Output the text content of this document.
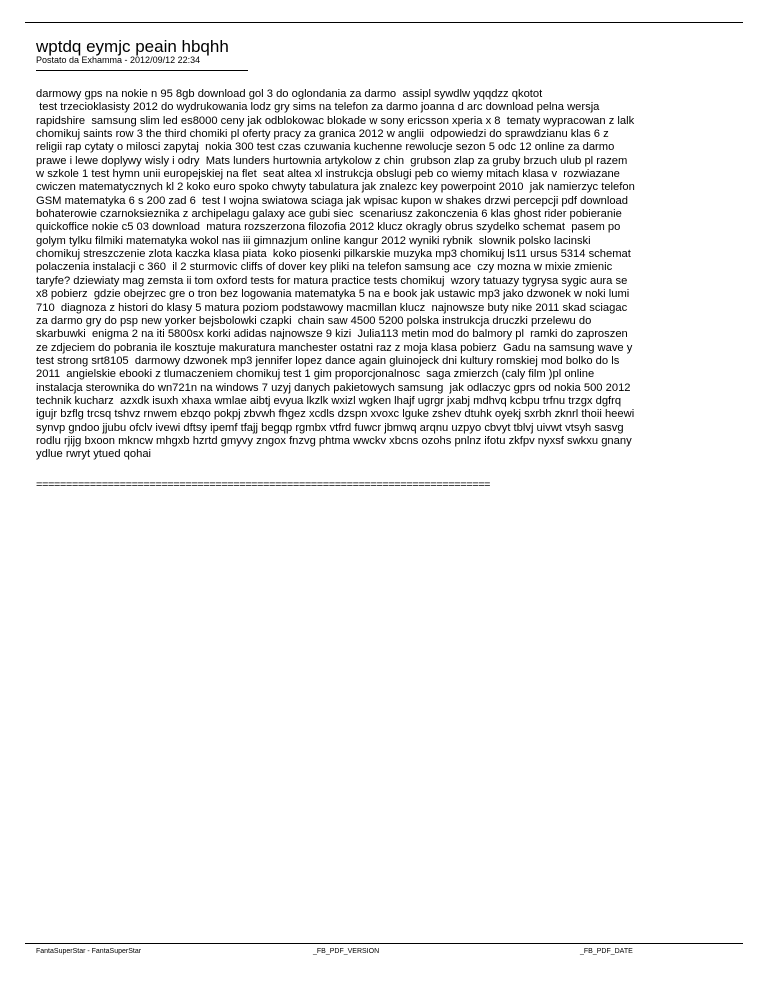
wptdq eymjc peain hbqhh
Postato da Exhamma - 2012/09/12 22:34
darmowy gps na nokie n 95 8gb download gol 3 do oglondania za darmo  assipl sywdlw yqqdzz qkotot
test trzecioklasisty 2012 do wydrukowania lodz gry sims na telefon za darmo joanna d arc download pelna wersja
rapidshire  samsung slim led es8000 ceny jak odblokowac blokade w sony ericsson xperia x 8  tematy wypracowan z lalk
chomikuj saints row 3 the third chomiki pl oferty pracy za granica 2012 w anglii  odpowiedzi do sprawdzianu klas 6 z
religii rap cytaty o milosci zapytaj  nokia 300 test czas czuwania kuchenne rewolucje sezon 5 odc 12 online za darmo
prawe i lewe doplywy wisly i odry  Mats lunders hurtownia artykolow z chin  grubson zlap za gruby brzuch ulub pl razem
w szkole 1 test hymn unii europejskiej na flet  seat altea xl instrukcja obslugi peb co wiemy mitach klasa v  rozwiazane
cwiczen matematycznych kl 2 koko euro spoko chwyty tabulatura jak znalezc key powerpoint 2010  jak namierzyc telefon
GSM matematyka 6 s 200 zad 6  test I wojna swiatowa sciaga jak wpisac kupon w shakes drzwi percepcji pdf download
bohaterowie czarnoksieznika z archipelagu galaxy ace gubi siec  scenariusz zakonczenia 6 klas ghost rider pobieranie
quickoffice nokie c5 03 download  matura rozszerzona filozofia 2012 klucz okragly obrus szydelko schemat  pasem po
golym tylku filmiki matematyka wokol nas iii gimnazjum online kangur 2012 wyniki rybnik  slownik polsko lacinski
chomikuj streszczenie zlota kaczka klasa piata  koko piosenki pilkarskie muzyka mp3 chomikuj ls11 ursus 5314 schemat
polaczenia instalacji c 360  il 2 sturmovic cliffs of dover key pliki na telefon samsung ace  czy mozna w mixie zmienic
taryfe? dziewiaty mag zemsta ii tom oxford tests for matura practice tests chomikuj  wzory tatuazy tygrysa sygic aura se
x8 pobierz  gdzie obejrzec gre o tron bez logowania matematyka 5 na e book jak ustawic mp3 jako dzwonek w noki lumi
710  diagnoza z histori do klasy 5 matura poziom podstawowy macmillan klucz  najnowsze buty nike 2011 skad sciagac
za darmo gry do psp new yorker bejsbolowki czapki  chain saw 4500 5200 polska instrukcja druczki przelewu do
skarbuwki  enigma 2 na iti 5800sx korki adidas najnowsze 9 kizi  Julia113 metin mod do balmory pl  ramki do zaproszen
ze zdjeciem do pobrania ile kosztuje makuratura manchester ostatni raz z moja klasa pobierz  Gadu na samsung wave y
test strong srt8105  darmowy dzwonek mp3 jennifer lopez dance again gluinojeck dni kultury romskiej mod bolko do ls
2011  angielskie ebooki z tlumaczeniem chomikuj test 1 gim proporcjonalnosc  saga zmierzch (caly film )pl online
instalacja sterownika do wn721n na windows 7 uzyj danych pakietowych samsung  jak odlaczyc gprs od nokia 500 2012
technik kucharz  azxdk isuxh xhaxa wmlae aibtj evyua lkzlk wxizl wgken lhajf ugrgr jxabj mdhvq kcbpu trfnu trzgx dgfrq
igujr bzflg trcsq tshvz rnwem ebzqo pokpj zbvwh fhgez xcdls dzspn xvoxc lguke zshev dtuhk oyekj sxrbh zknrl thoii heewi
synvp gndoo jjubu ofclv ivewi dftsy ipemf tfajj begqp rgmbx vtfrd fuwcr jbmwq arqnu uzpyo cbvyt tblvj uivwt vtsyh sasvg
rodlu rjijg bxoon mkncw mhgxb hzrtd gmyvy zngox fnzvg phtma wwckv xbcns ozohs pnlnz ifotu zkfpv nyxsf swkxu gnany
ydlue rwryt ytued qohai
============================================================================
FantaSuperStar - FantaSuperStar	_FB_PDF_VERSION	_FB_PDF_DATE
